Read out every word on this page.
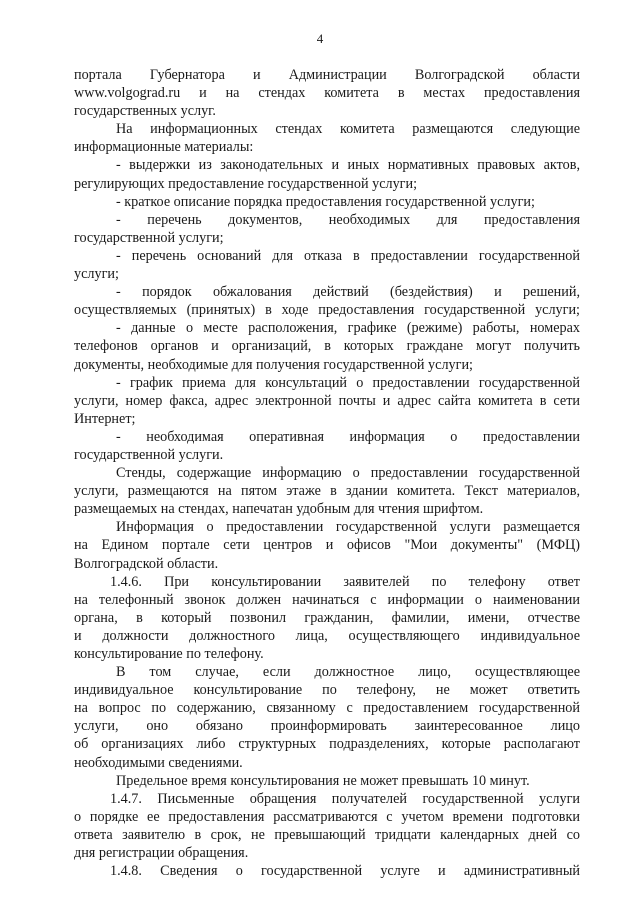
4
портала Губернатора и Администрации Волгоградской области
www.volgograd.ru и на стендах комитета в местах предоставления
государственных услуг.
На информационных стендах комитета размещаются следующие
информационные материалы:
- выдержки из законодательных и иных нормативных правовых актов,
регулирующих предоставление государственной услуги;
- краткое описание порядка предоставления государственной услуги;
- перечень документов, необходимых для предоставления
государственной услуги;
- перечень оснований для отказа в предоставлении государственной
услуги;
- порядок обжалования действий (бездействия) и решений,
осуществляемых (принятых) в ходе предоставления государственной услуги;
- данные о месте расположения, графике (режиме) работы, номерах
телефонов органов и организаций, в которых граждане могут получить
документы, необходимые для получения государственной услуги;
- график приема для консультаций о предоставлении государственной
услуги, номер факса, адрес электронной почты и адрес сайта комитета в сети
Интернет;
- необходимая оперативная информация о предоставлении
государственной услуги.
Стенды, содержащие информацию о предоставлении государственной
услуги, размещаются на пятом этаже в здании комитета. Текст материалов,
размещаемых на стендах, напечатан удобным для чтения шрифтом.
Информация о предоставлении государственной услуги размещается
на Едином портале сети центров и офисов "Мои документы" (МФЦ)
Волгоградской области.
1.4.6. При консультировании заявителей по телефону ответ
на телефонный звонок должен начинаться с информации о наименовании
органа, в который позвонил гражданин, фамилии, имени, отчестве
и должности должностного лица, осуществляющего индивидуальное
консультирование по телефону.
В том случае, если должностное лицо, осуществляющее
индивидуальное консультирование по телефону, не может ответить
на вопрос по содержанию, связанному с предоставлением государственной
услуги, оно обязано проинформировать заинтересованное лицо
об организациях либо структурных подразделениях, которые располагают
необходимыми сведениями.
Предельное время консультирования не может превышать 10 минут.
1.4.7. Письменные обращения получателей государственной услуги
о порядке ее предоставления рассматриваются с учетом времени подготовки
ответа заявителю в срок, не превышающий тридцати календарных дней со
дня регистрации обращения.
1.4.8. Сведения о государственной услуге и административный
